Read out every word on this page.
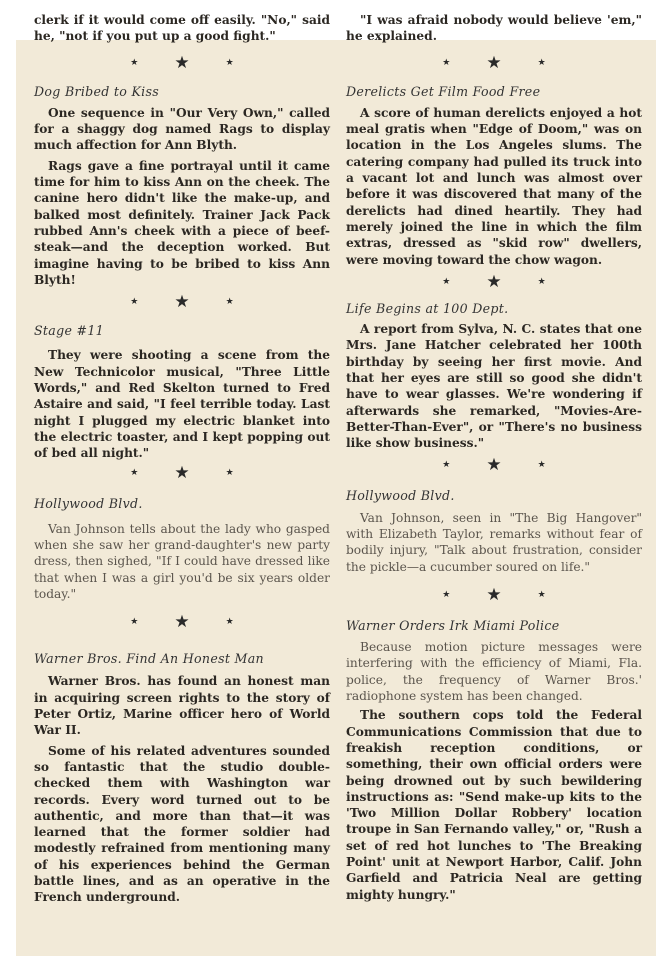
clerk if it would come off easily. "No," said he, "not if you put up a good fight."

★ ★	★
Dog Bribed to Kiss

One sequence in "Our Very Own," called for a shaggy dog named Rags to display much affection for Ann Blyth.

Rags gave a fine portrayal until it came time for him to kiss Ann on the cheek. The canine hero didn't like the make-up, and balked most definitely. Trainer Jack Pack rubbed Ann's cheek with a piece of beef-steak—and the deception worked. But imagine having to be bribed to kiss Ann Blyth!

★ ★	★
Stage #11

They were shooting a scene from the New Technicolor musical, "Three Little Words," and Red Skelton turned to Fred Astaire and said, "I feel terrible today. Last night I plugged my electric blanket into the electric toaster, and I kept popping out of bed all night."

★ ★	★
Hollywood Blvd.

Van Johnson tells about the lady who gasped when she saw her grand-daughter's new party dress, then sighed, "If I could have dressed like that when I was a girl you'd be six years older today."

★ ★	★
Warner Bros. Find An Honest Man

Warner Bros. has found an honest man in acquiring screen rights to the story of Peter Ortiz, Marine officer hero of World War II.

Some of his related adventures sounded so fantastic that the studio double-checked them with Washington war records. Every word turned out to be authentic, and more than that—it was learned that the former soldier had modestly refrained from mentioning many of his experiences behind the German battle lines, and as an operative in the French underground.

"I was afraid nobody would believe 'em," he explained.

★ ★	★
Derelicts Get Film Food Free

A score of human derelicts enjoyed a hot meal gratis when "Edge of Doom," was on location in the Los Angeles slums. The catering company had pulled its truck into a vacant lot and lunch was almost over before it was discovered that many of the derelicts had dined heartily. They had merely joined the line in which the film extras, dressed as "skid row" dwellers, were moving toward the chow wagon.

★ ★	★
Life Begins at 100 Dept.

A report from Sylva, N. C. states that one Mrs. Jane Hatcher celebrated her 100th birthday by seeing her first movie. And that her eyes are still so good she didn't have to wear glasses. We're wondering if afterwards she remarked, "Movies-Are-Better-Than-Ever", or "There's no business like show business."

★ ★	★
Hollywood Blvd.

Van Johnson, seen in "The Big Hangover" with Elizabeth Taylor, remarks without fear of bodily injury, "Talk about frustration, consider the pickle—a cucumber soured on life."

★ ★	★
Warner Orders Irk Miami Police

Because motion picture messages were interfering with the efficiency of Miami, Fla. police, the frequency of Warner Bros.' radiophone system has been changed.

The southern cops told the Federal Communications Commission that due to freakish reception conditions, or something, their own official orders were being drowned out by such bewildering instructions as: "Send make-up kits to the 'Two Million Dollar Robbery' location troupe in San Fernando valley," or, "Rush a set of red hot lunches to 'The Breaking Point' unit at Newport Harbor, Calif. John Garfield and Patricia Neal are getting mighty hungry."
